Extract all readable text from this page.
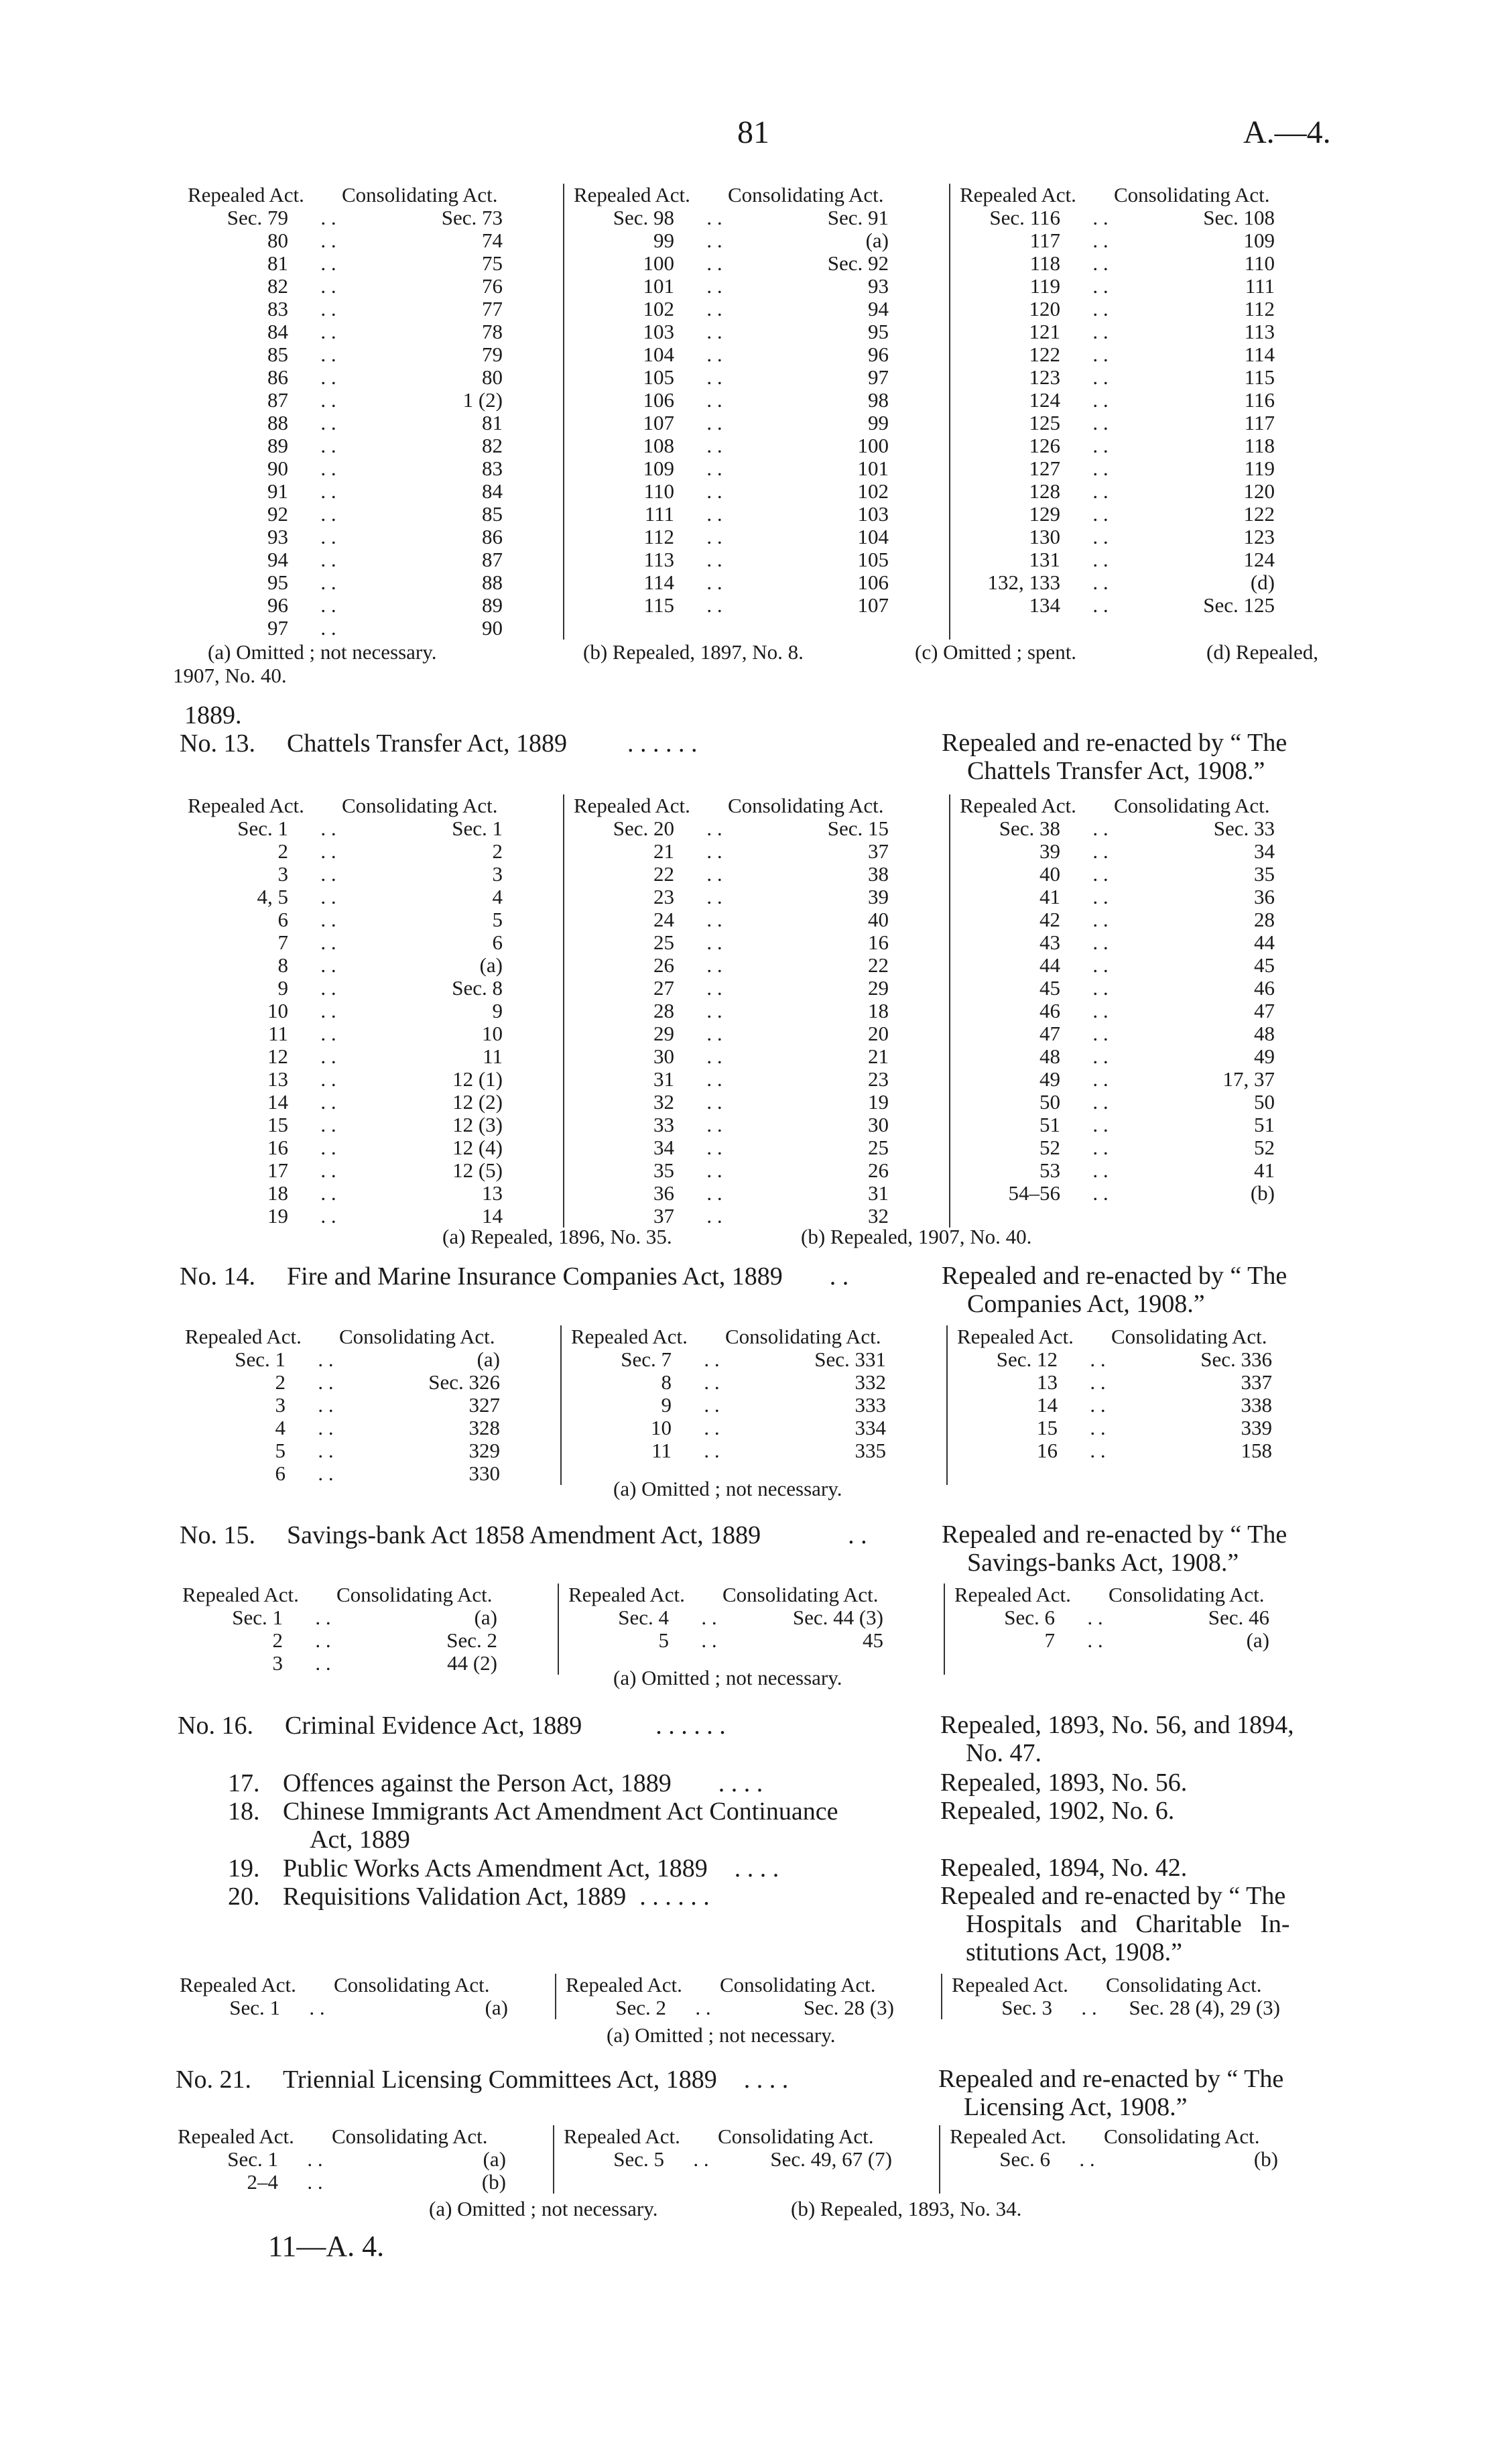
81	A.—4.
Repealed Act. Consolidating Act.
Sec. 79	. .	Sec. 73
80	. .	74
81	. .	75
82	. .	76
83	. .	77
84	. .	78
85	. .	79
86	. .	80
87	. .	1 (2)
88	. .	81
89	. .	82
90	. .	83
91	. .	84
92	. .	85
93	. .	86
94	. .	87
95	. .	88
96	. .	89
97	. .	90
Repealed Act. Consolidating Act.
Sec. 98	. .	Sec. 91
99	. .	(a)
100	. .	Sec. 92
101	. .	93
102	. .	94
103	. .	95
104	. .	96
105	. .	97
106	. .	98
107	. .	99
108	. .	100
109	. .	101
110	. .	102
111	. .	103
112	. .	104
113	. .	105
114	. .	106
115	. .	107
Repealed Act. Consolidating Act.
Sec. 116	. .	Sec. 108
117	. .	109
118	. .	110
119	. .	111
120	. .	112
121	. .	113
122	. .	114
123	. .	115
124	. .	116
125	. .	117
126	. .	118
127	. .	119
128	. .	120
129	. .	122
130	. .	123
131	. .	124
132, 133	. .	(d)
134	. .	Sec. 125
(a) Omitted ; not necessary.	(b) Repealed, 1897, No. 8.	(c) Omitted ; spent.	(d) Repealed,
1907, No. 40.
1889.
No. 13. Chattels Transfer Act, 1889 . . . . . .	Repealed and re-enacted by “ The
Chattels Transfer Act, 1908.”
Repealed Act. Consolidating Act.
Sec. 1	. .	Sec. 1
2	. .	2
3	. .	3
4, 5	. .	4
6	. .	5
7	. .	6
8	. .	(a)
9	. .	Sec. 8
10	. .	9
11	. .	10
12	. .	11
13	. .	12 (1)
14	. .	12 (2)
15	. .	12 (3)
16	. .	12 (4)
17	. .	12 (5)
18	. .	13
19	. .	14
Repealed Act. Consolidating Act.
Sec. 20	. .	Sec. 15
21	. .	37
22	. .	38
23	. .	39
24	. .	40
25	. .	16
26	. .	22
27	. .	29
28	. .	18
29	. .	20
30	. .	21
31	. .	23
32	. .	19
33	. .	30
34	. .	25
35	. .	26
36	. .	31
37	. .	32
Repealed Act. Consolidating Act.
Sec. 38	. .	Sec. 33
39	. .	34
40	. .	35
41	. .	36
42	. .	28
43	. .	44
44	. .	45
45	. .	46
46	. .	47
47	. .	48
48	. .	49
49	. .	17, 37
50	. .	50
51	. .	51
52	. .	52
53	. .	41
54–56	. .	(b)
(a) Repealed, 1896, No. 35.	(b) Repealed, 1907, No. 40.
No. 14. Fire and Marine Insurance Companies Act, 1889 . .	Repealed and re-enacted by “ The
Companies Act, 1908.”
Repealed Act. Consolidating Act.
Sec. 1	. .	(a)
2	. .	Sec. 326
3	. .	327
4	. .	328
5	. .	329
6	. .	330
Repealed Act. Consolidating Act.
Sec. 7	. .	Sec. 331
8	. .	332
9	. .	333
10	. .	334
11	. .	335
Repealed Act. Consolidating Act.
Sec. 12	. .	Sec. 336
13	. .	337
14	. .	338
15	. .	339
16	. .	158
(a) Omitted ; not necessary.
No. 15. Savings-bank Act 1858 Amendment Act, 1889	. .	Repealed and re-enacted by “ The
Savings-banks Act, 1908.”
Repealed Act. Consolidating Act.
Sec. 1	. .	(a)
2	. .	Sec. 2
3	. .	44 (2)
Repealed Act. Consolidating Act.
Sec. 4	. .	Sec. 44 (3)
5	. .	45
Repealed Act. Consolidating Act.
Sec. 6	. .	Sec. 46
7	. .	(a)
(a) Omitted ; not necessary.
No. 16. Criminal Evidence Act, 1889	. . . . . .	Repealed, 1893, No. 56, and 1894,
No. 47.
17. Offences against the Person Act, 1889 . . . .	Repealed, 1893, No. 56.
18. Chinese Immigrants Act Amendment Act Continuance
Act, 1889
Repealed, 1902, No. 6.
19. Public Works Acts Amendment Act, 1889 . . . .	Repealed, 1894, No. 42.
20. Requisitions Validation Act, 1889 . . . . . .	Repealed and re-enacted by “ The
Hospitals and Charitable In-
stitutions Act, 1908.”
Repealed Act. Consolidating Act.
Sec. 1	. .	(a)
Repealed Act. Consolidating Act.
Sec. 2	. .	Sec. 28 (3)
Repealed Act. Consolidating Act.
Sec. 3	. .	Sec. 28 (4), 29 (3)
(a) Omitted ; not necessary.
No. 21. Triennial Licensing Committees Act, 1889 . . . .	Repealed and re-enacted by “ The
Licensing Act, 1908.”
Repealed Act. Consolidating Act.
Sec. 1	. .	(a)
2–4	. .	(b)
Repealed Act. Consolidating Act.
Sec. 5	. .	Sec. 49, 67 (7)
Repealed Act. Consolidating Act.
Sec. 6	. .	(b)
(a) Omitted ; not necessary.	(b) Repealed, 1893, No. 34.
11—A. 4.
